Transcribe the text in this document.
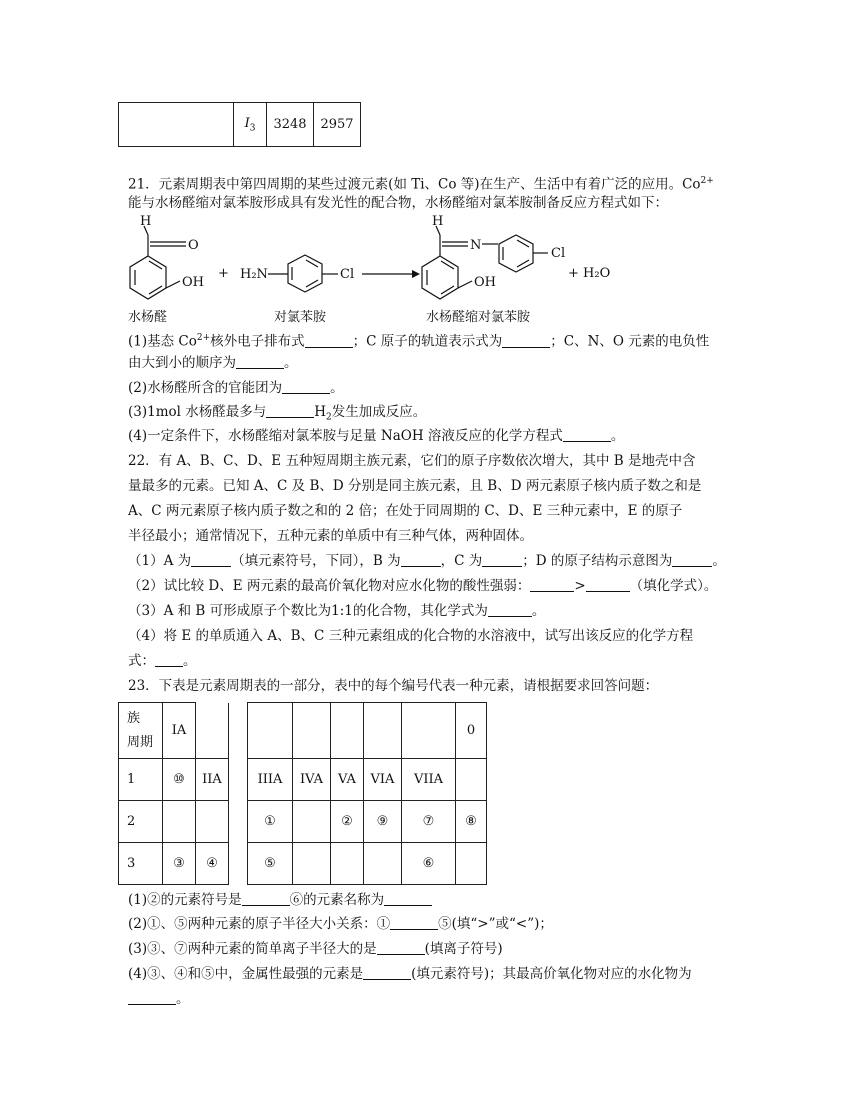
	$I_3$	3248	2957
21．元素周期表中第四周期的某些过渡元素(如 Ti、Co 等)在生产、生活中有着广泛的应用。$Co^{2+}$
能与水杨醛缩对氯苯胺形成具有发光性的配合物，水杨醛缩对氯苯胺制备反应方程式如下：
H
O
OH
+ H₂N	Cl
H
N
OH
Cl
+ H₂O
水杨醛	对氯苯胺	水杨醛缩对氯苯胺
(1)基态 $Co^{2+}$核外电子排布式	；C 原子的轨道表示式为	；C、N、O 元素的电负性
由大到小的顺序为	。
(2)水杨醛所含的官能团为	。
(3)1mol 水杨醛最多与	$H_2$发生加成反应。
(4)一定条件下，水杨醛缩对氯苯胺与足量 NaOH 溶液反应的化学方程式	。
22．有 A、B、C、D、E 五种短周期主族元素，它们的原子序数依次增大，其中 B 是地壳中含
量最多的元素。已知 A、C 及 B、D 分别是同主族元素，且 B、D 两元素原子核内质子数之和是
A、C 两元素原子核内质子数之和的 2 倍；在处于同周期的 C、D、E 三种元素中，E 的原子
半径最小；通常情况下，五种元素的单质中有三种气体，两种固体。
（1）A 为	（填元素符号，下同），B 为	，C 为	；D 的原子结构示意图为	。
（2）试比较 D、E 两元素的最高价氧化物对应水化物的酸性强弱：	>	（填化学式）。
（3）A 和 B 可形成原子个数比为1:1的化合物，其化学式为	。
（4）将 E 的单质通入 A、B、C 三种元素组成的化合物的水溶液中，试写出该反应的化学方程
式： 。
23．下表是元素周期表的一部分，表中的每个编号代表一种元素，请根据要求回答问题：
族
周期	IA								0
1	⑩	IIA		IIIA	IVA	VA	VIA	VIIA	
2				①		②	⑨	⑦	⑧
3	③	④		⑤				⑥	
(1)②的元素符号是	⑥的元素名称为
(2)①、⑤两种元素的原子半径大小关系：①	⑤(填“>”或“<”)；
(3)③、⑦两种元素的简单离子半径大的是	(填离子符号)
(4)③、④和⑤中，金属性最强的元素是	(填元素符号)；其最高价氧化物对应的水化物为
。
